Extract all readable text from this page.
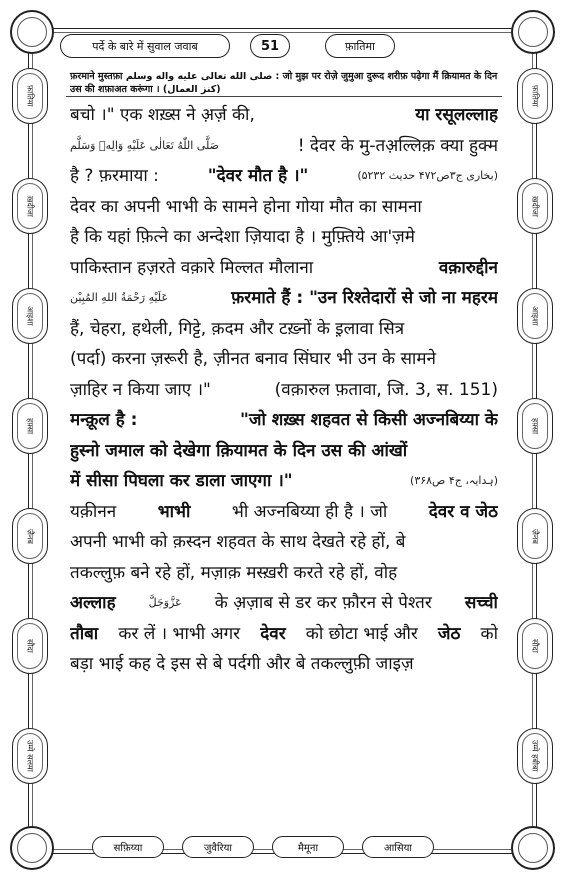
पर्दे के बारे में सुवाल जवाब	51	फ़ातिमा
फ़ातिमा
ख़दीजा
आइशा
हफ़्सा
ज़ैनब
सौदा
उम्मे सलमा
फ़ातिमा
ख़दीजा
आइशा
हफ़्सा
ज़ैनब
सौदा
उम्मे हबीबा
फ़रमाने मुस्तफ़ा صلى الله تعالى عليه واله وسلم : जो मुझ पर रोज़े जुमुआ दुरूद शरीफ़ पढ़ेगा मैं क़ियामत के दिन उस की शफ़ाअत करूंगा । (كنز العمال)
बचो ।" एक शख़्स ने अ़र्ज़ की,	या रसूलल्लाह
صَلَّى اللّٰهُ تَعَالٰى عَلَيْهِ وَالِهٖ وَسَلَّم	! देवर के मु-तअ़ल्लिक़ क्या हुक्म
है ? फ़रमाया :	"देवर मौत है ।"	(بخاری ج۳ص۴۷۲ حدیث ۵۲۳۲)
देवर का अपनी भाभी के सामने होना गोया मौत का सामना
है कि यहां फ़ित्ने का अन्देशा ज़ियादा है । मुफ़्तिये आ'ज़मे
पाकिस्तान हज़रते वक़ारे मिल्लत मौलाना	वक़ारुद्दीन
عَلَيْهِ رَحْمَةُ اللهِ المُبِيْن	फ़रमाते हैं : "उन रिश्तेदारों से जो ना महरम
हैं, चेहरा, हथेली, गिट्टे, क़दम और टख़्नों के इ़लावा सित्र
(पर्दा) करना ज़रूरी है, ज़ीनत बनाव सिंघार भी उन के सामने
ज़ाहिर न किया जाए ।"	(वक़ारुल फ़तावा, जि. 3, स. 151)
मन्क़ूल है :	"जो शख़्स शहवत से किसी अज्नबिय्या के
हुस्नो जमाल को देखेगा क़ियामत के दिन उस की आंखों
में सीसा पिघला कर डाला जाएगा ।"	(ہدایہ، ج۴ ص۳۶۸)
यक़ीनन भाभी भी अज्नबिय्या ही है । जो देवर व जेठ
अपनी भाभी को क़स्दन शहवत के साथ देखते रहे हों, बे
तकल्लुफ़ बने रहे हों, मज़ाक़ मस्ख़री करते रहे हों, वोह
अल्लाह	عَزَّوَجَلَّ के अ़ज़ाब से डर कर फ़ौरन से पेश्तर सच्ची
तौबा कर लें । भाभी अगर देवर को छोटा भाई और जेठ को
बड़ा भाई कह दे इस से बे पर्दगी और बे तकल्लुफ़ी जाइज़
सफ़िय्या	जुवैरिया	मैमूना	आसिया
